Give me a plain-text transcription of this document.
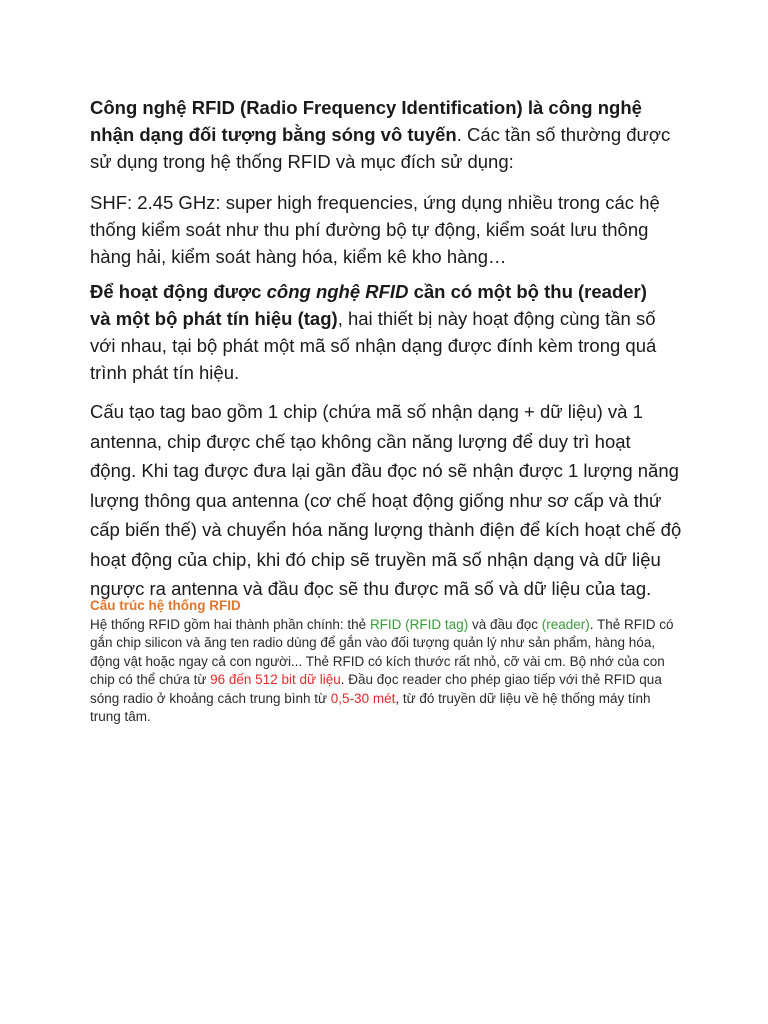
Công nghệ RFID (Radio Frequency Identification) là công nghệ nhận dạng đối tượng bằng sóng vô tuyến. Các tần số thường được sử dụng trong hệ thống RFID và mục đích sử dụng:

SHF: 2.45 GHz: super high frequencies, ứng dụng nhiều trong các hệ thống kiểm soát như thu phí đường bộ tự động, kiểm soát lưu thông hàng hải, kiểm soát hàng hóa, kiểm kê kho hàng…

Để hoạt động được công nghệ RFID cần có một bộ thu (reader) và một bộ phát tín hiệu (tag), hai thiết bị này hoạt động cùng tần số với nhau, tại bộ phát một mã số nhận dạng được đính kèm trong quá trình phát tín hiệu.

Cấu tạo tag bao gồm 1 chip (chứa mã số nhận dạng + dữ liệu) và 1 antenna, chip được chế tạo không cần năng lượng để duy trì hoạt động. Khi tag được đưa lại gần đầu đọc nó sẽ nhận được 1 lượng năng lượng thông qua antenna (cơ chế hoạt động giống như sơ cấp và thứ cấp biến thế) và chuyển hóa năng lượng thành điện để kích hoạt chế độ hoạt động của chip, khi đó chip sẽ truyền mã số nhận dạng và dữ liệu ngược ra antenna và đầu đọc sẽ thu được mã số và dữ liệu của tag.

Cấu trúc hệ thống RFID
Hệ thống RFID gồm hai thành phần chính: thẻ RFID (RFID tag) và đầu đọc (reader). Thẻ RFID có gắn chip silicon và ăng ten radio dùng để gắn vào đối tượng quản lý như sản phẩm, hàng hóa, động vật hoặc ngay cả con người... Thẻ RFID có kích thước rất nhỏ, cỡ vài cm. Bộ nhớ của con chip có thể chứa từ 96 đến 512 bit dữ liệu. Đầu đọc reader cho phép giao tiếp với thẻ RFID qua sóng radio ở khoảng cách trung bình từ 0,5-30 mét, từ đó truyền dữ liệu về hệ thống máy tính trung tâm.
